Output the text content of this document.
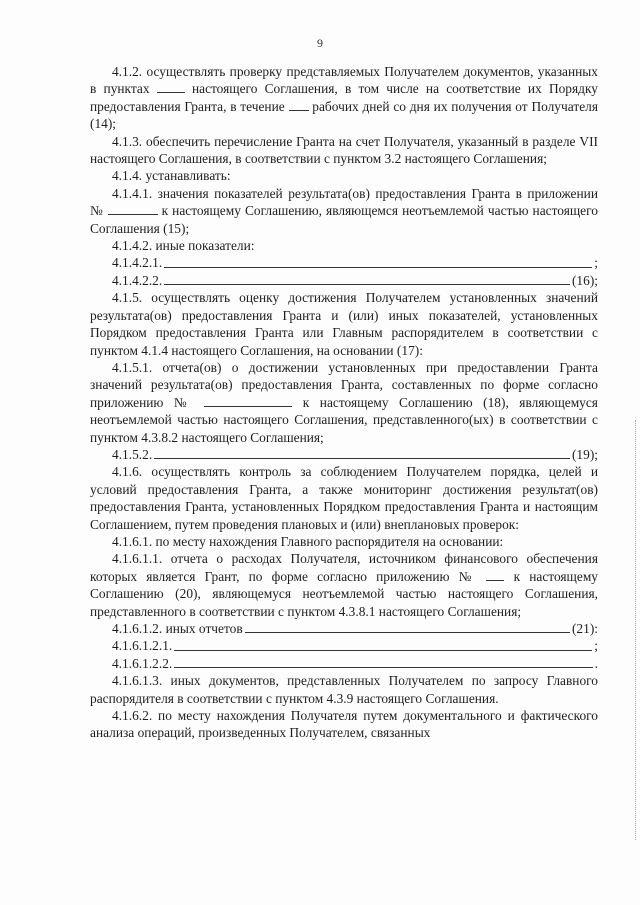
9

4.1.2. осуществлять проверку представляемых Получателем документов, указанных в пунктах	настоящего Соглашения, в том числе на соответствие их Порядку предоставления Гранта, в течение рабочих дней со дня их получения от Получателя (14);

4.1.3. обеспечить перечисление Гранта на счет Получателя, указанный в разделе VII настоящего Соглашения, в соответствии с пунктом 3.2 настоящего Соглашения;

4.1.4. устанавливать:

4.1.4.1. значения показателей результата(ов) предоставления Гранта в приложении №	к настоящему Соглашению, являющемся неотъемлемой частью настоящего Соглашения (15);

4.1.4.2. иные показатели:

4.1.4.2.1.	;

4.1.4.2.2.	(16);

4.1.5. осуществлять оценку достижения Получателем установленных значений результата(ов) предоставления Гранта и (или) иных показателей, установленных Порядком предоставления Гранта или Главным распорядителем в соответствии с пунктом 4.1.4 настоящего Соглашения, на основании (17):

4.1.5.1. отчета(ов) о достижении установленных при предоставлении Гранта значений результата(ов) предоставления Гранта, составленных по форме согласно приложению №	к настоящему Соглашению (18), являющемуся неотъемлемой частью настоящего Соглашения, представленного(ых) в соответствии с пунктом 4.3.8.2 настоящего Соглашения;

4.1.5.2.	(19);

4.1.6. осуществлять контроль за соблюдением Получателем порядка, целей и условий предоставления Гранта, а также мониторинг достижения результат(ов) предоставления Гранта, установленных Порядком предоставления Гранта и настоящим Соглашением, путем проведения плановых и (или) внеплановых проверок:

4.1.6.1. по месту нахождения Главного распорядителя на основании:

4.1.6.1.1. отчета о расходах Получателя, источником финансового обеспечения которых является Грант, по форме согласно приложению №	к настоящему Соглашению (20), являющемуся неотъемлемой частью настоящего Соглашения, представленного в соответствии с пунктом 4.3.8.1 настоящего Соглашения;

4.1.6.1.2. иных отчетов	(21):

4.1.6.1.2.1.	;

4.1.6.1.2.2.	.

4.1.6.1.3. иных документов, представленных Получателем по запросу Главного распорядителя в соответствии с пунктом 4.3.9 настоящего Соглашения.

4.1.6.2. по месту нахождения Получателя путем документального и фактического анализа операций, произведенных Получателем, связанных
